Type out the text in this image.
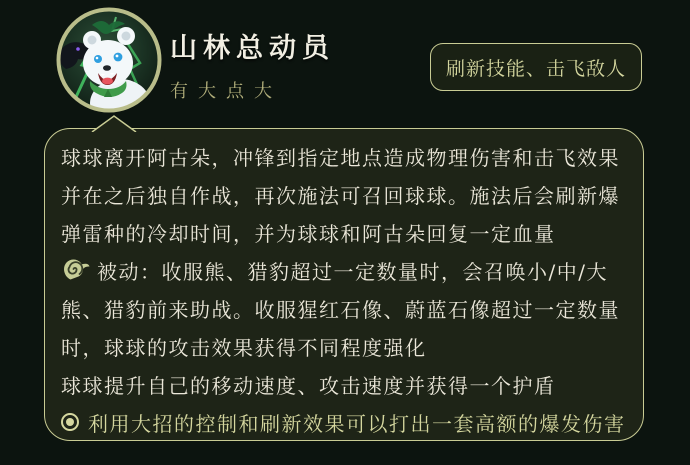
山林总动员
有大点大
刷新技能、击飞敌人
球球离开阿古朵，冲锋到指定地点造成物理伤害和击飞效果
并在之后独自作战，再次施法可召回球球。施法后会刷新爆
弹雷种的冷却时间，并为球球和阿古朵回复一定血量
被动：收服熊、猎豹超过一定数量时，会召唤小/中/大
熊、猎豹前来助战。收服猩红石像、蔚蓝石像超过一定数量
时，球球的攻击效果获得不同程度强化
球球提升自己的移动速度、攻击速度并获得一个护盾
利用大招的控制和刷新效果可以打出一套高额的爆发伤害
